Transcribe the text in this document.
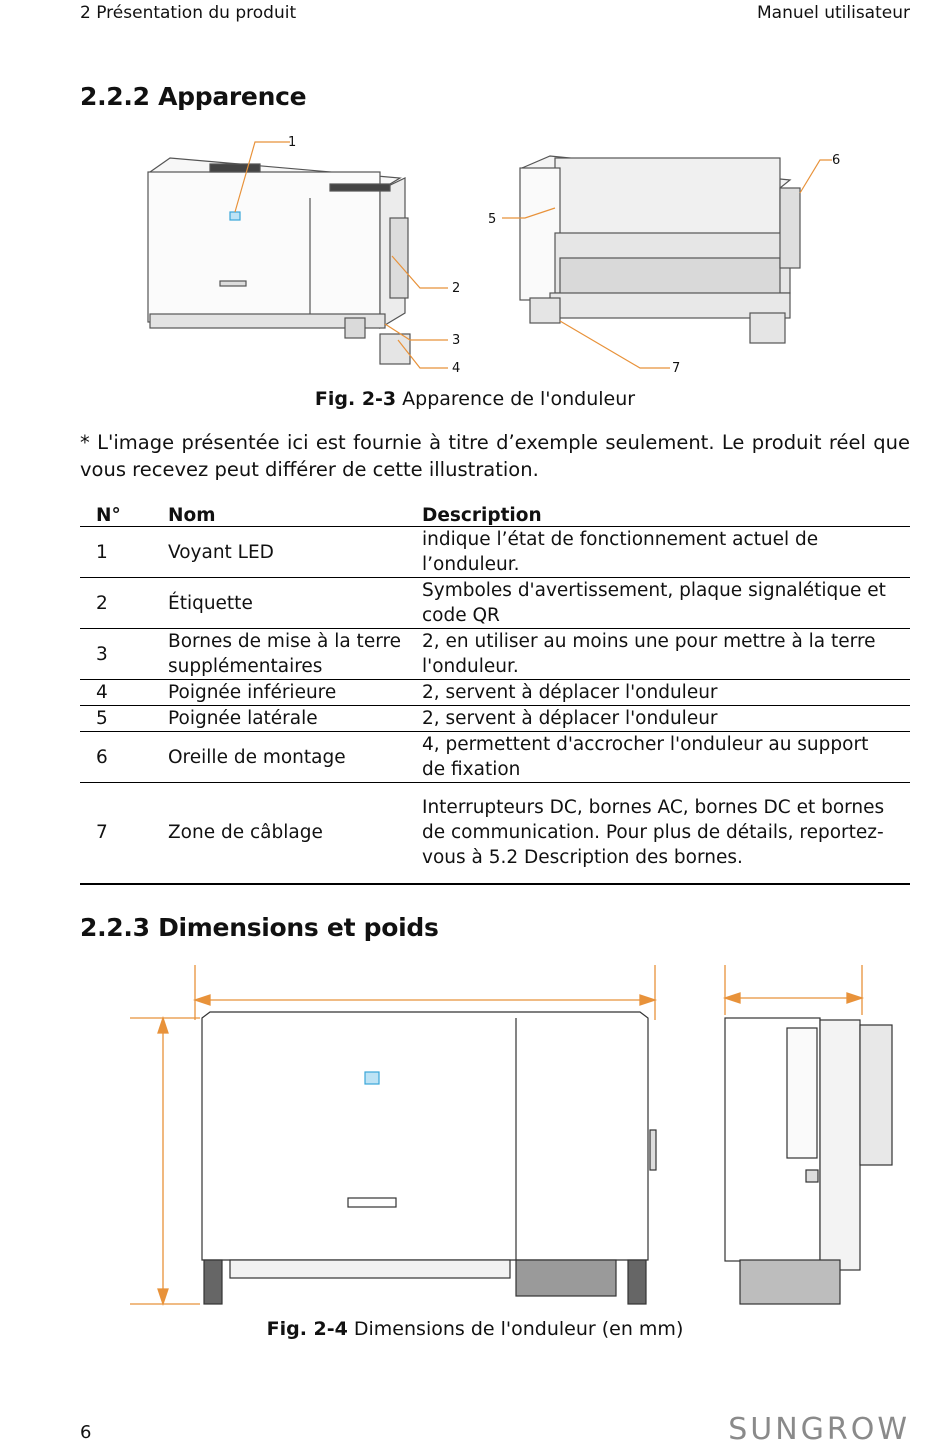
2 Présentation du produit	Manuel utilisateur
2.2.2 Apparence
1
2
3
4
5
6
7
Fig. 2-3 Apparence de l'onduleur
* L'image présentée ici est fournie à titre d’exemple seulement. Le produit réel que vous recevez peut différer de cette illustration.
N°	Nom	Description
1	Voyant LED	indique l’état de fonctionnement actuel de l’onduleur.
2	Étiquette	Symboles d'avertissement, plaque signalétique et code QR
3	Bornes de mise à la terre supplémentaires	2, en utiliser au moins une pour mettre à la terre l'onduleur.
4	Poignée inférieure	2, servent à déplacer l'onduleur
5	Poignée latérale	2, servent à déplacer l'onduleur
6	Oreille de montage	4, permettent d'accrocher l'onduleur au support de fixation
7	Zone de câblage	Interrupteurs DC, bornes AC, bornes DC et bornes de communication. Pour plus de détails, reportez-vous à 5.2 Description des bornes.
2.2.3 Dimensions et poids
Fig. 2-4 Dimensions de l'onduleur (en mm)
6	SUNGROW
